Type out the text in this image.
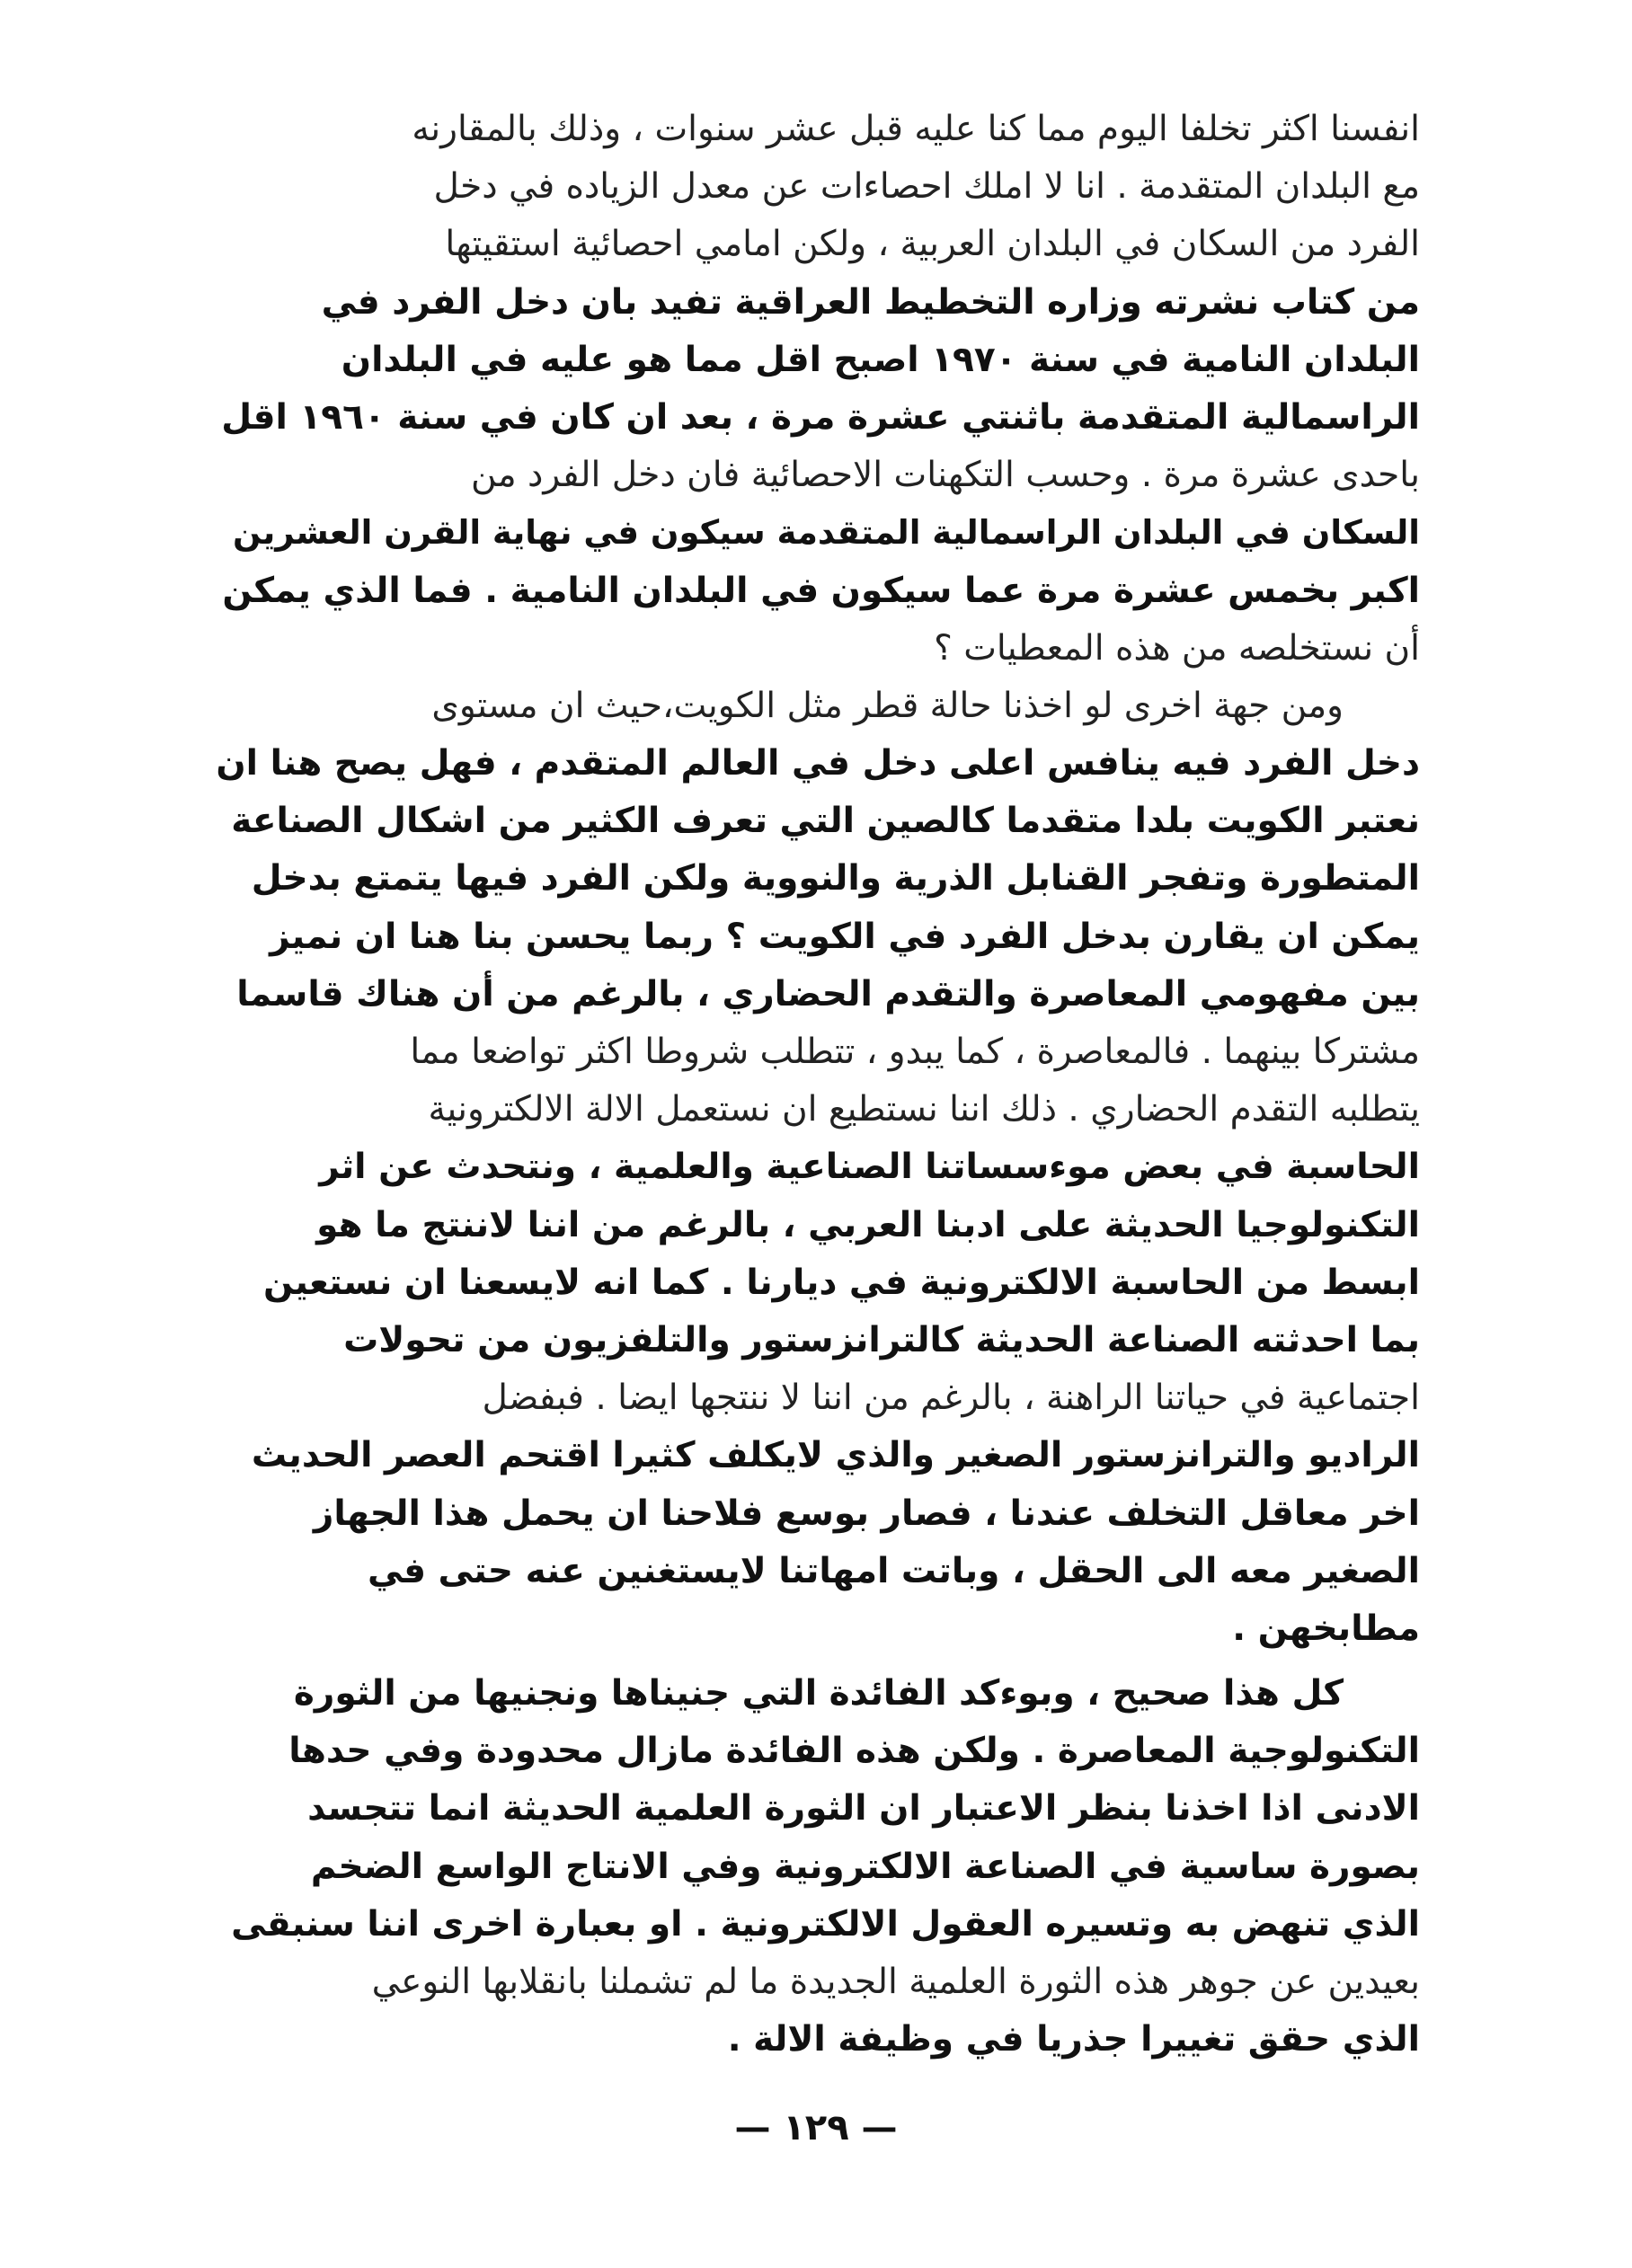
انفسنا اكثر تخلفا اليوم مما كنا عليه قبل عشر سنوات ، وذلك بالمقارنه
مع البلدان المتقدمة . انا لا املك احصاءات عن معدل الزياده في دخل
الفرد من السكان في البلدان العربية ، ولكن امامي احصائية استقيتها
من كتاب نشرته وزاره التخطيط العراقية تفيد بان دخل الفرد في
البلدان النامية في سنة ١٩٧٠ اصبح اقل مما هو عليه في البلدان
الراسمالية المتقدمة باثنتي عشرة مرة ، بعد ان كان في سنة ١٩٦٠ اقل
باحدى عشرة مرة . وحسب التكهنات الاحصائية فان دخل الفرد من
السكان في البلدان الراسمالية المتقدمة سيكون في نهاية القرن العشرين
اكبر بخمس عشرة مرة عما سيكون في البلدان النامية . فما الذي يمكن
أن نستخلصه من هذه المعطيات ؟
ومن جهة اخرى لو اخذنا حالة قطر مثل الكويت،حيث ان مستوى
دخل الفرد فيه ينافس اعلى دخل في العالم المتقدم ، فهل يصح هنا ان
نعتبر الكويت بلدا متقدما كالصين التي تعرف الكثير من اشكال الصناعة
المتطورة وتفجر القنابل الذرية والنووية ولكن الفرد فيها يتمتع بدخل
يمكن ان يقارن بدخل الفرد في الكويت ؟ ربما يحسن بنا هنا ان نميز
بين مفهومي المعاصرة والتقدم الحضاري ، بالرغم من أن هناك قاسما
مشتركا بينهما . فالمعاصرة ، كما يبدو ، تتطلب شروطا اكثر تواضعا مما
يتطلبه التقدم الحضاري . ذلك اننا نستطيع ان نستعمل الالة الالكترونية
الحاسبة في بعض موءسساتنا الصناعية والعلمية ، ونتحدث عن اثر
التكنولوجيا الحديثة على ادبنا العربي ، بالرغم من اننا لاننتج ما هو
ابسط من الحاسبة الالكترونية في ديارنا . كما انه لايسعنا ان نستعين
بما احدثته الصناعة الحديثة كالترانزستور والتلفزيون من تحولات
اجتماعية في حياتنا الراهنة ، بالرغم من اننا لا ننتجها ايضا . فبفضل
الراديو والترانزستور الصغير والذي لايكلف كثيرا اقتحم العصر الحديث
اخر معاقل التخلف عندنا ، فصار بوسع فلاحنا ان يحمل هذا الجهاز
الصغير معه الى الحقل ، وباتت امهاتنا لايستغنين عنه حتى في
مطابخهن .
كل هذا صحيح ، وبوءكد الفائدة التي جنيناها ونجنيها من الثورة
التكنولوجية المعاصرة . ولكن هذه الفائدة مازال محدودة وفي حدها
الادنى اذا اخذنا بنظر الاعتبار ان الثورة العلمية الحديثة انما تتجسد
بصورة ساسية في الصناعة الالكترونية وفي الانتاج الواسع الضخم
الذي تنهض به وتسيره العقول الالكترونية . او بعبارة اخرى اننا سنبقى
بعيدين عن جوهر هذه الثورة العلمية الجديدة ما لم تشملنا بانقلابها النوعي
الذي حقق تغييرا جذريا في وظيفة الالة .
— ١٢٩ —
